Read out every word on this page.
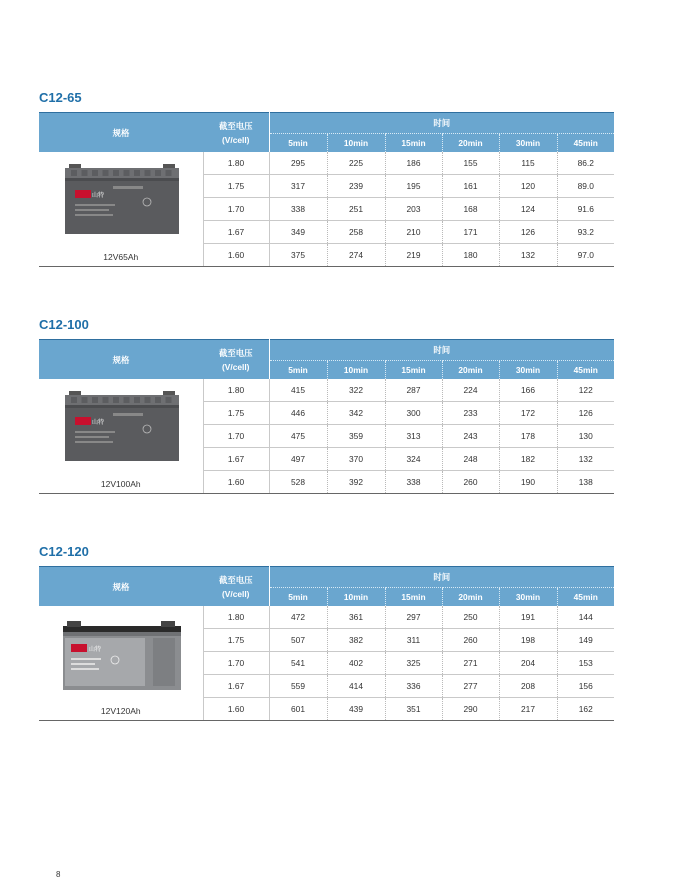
C12-65
规格	截至电压
(V/cell)	时间					
		5min	10min	15min	20min	30min	45min

山特
12V65Ah	1.80	295	225	186	155	115	86.2
	1.75	317	239	195	161	120	89.0
	1.70	338	251	203	168	124	91.6
	1.67	349	258	210	171	126	93.2
	1.60	375	274	219	180	132	97.0
C12-100
规格	截至电压
(V/cell)	时间					
		5min	10min	15min	20min	30min	45min

山特
12V100Ah	1.80	415	322	287	224	166	122
	1.75	446	342	300	233	172	126
	1.70	475	359	313	243	178	130
	1.67	497	370	324	248	182	132
	1.60	528	392	338	260	190	138
C12-120
规格	截至电压
(V/cell)	时间					
		5min	10min	15min	20min	30min	45min

山特
12V120Ah	1.80	472	361	297	250	191	144
	1.75	507	382	311	260	198	149
	1.70	541	402	325	271	204	153
	1.67	559	414	336	277	208	156
	1.60	601	439	351	290	217	162
8
